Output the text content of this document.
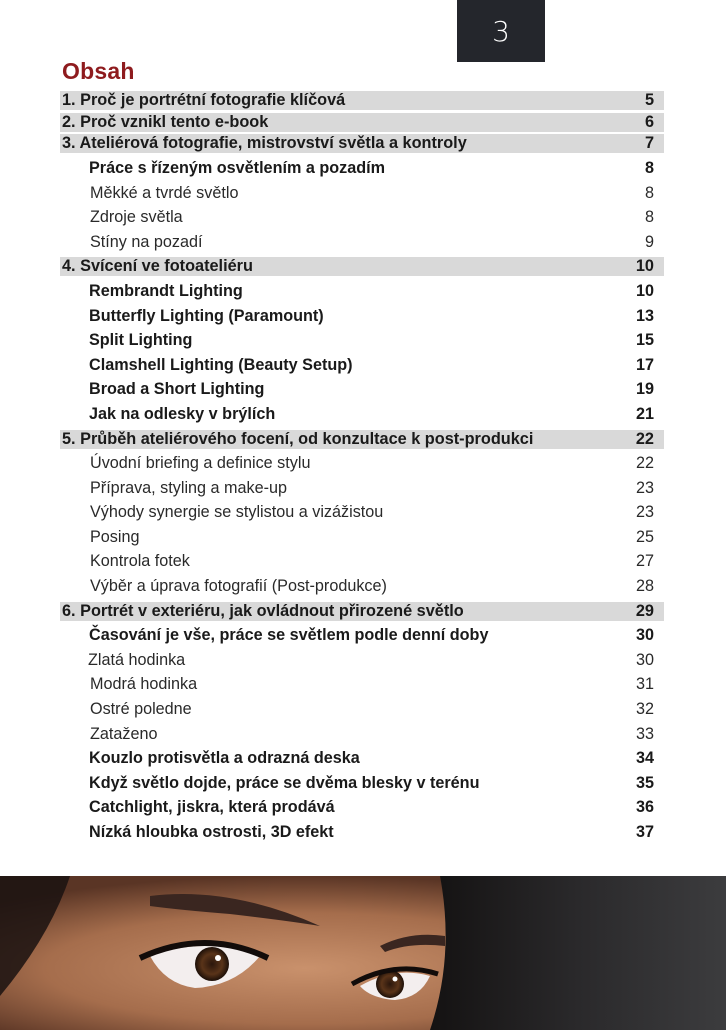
3
Obsah
1. Proč je portrétní fotografie klíčová	5
2. Proč vznikl tento e-book	6
3. Ateliérová fotografie, mistrovství světla a kontroly	7
Práce s řízeným osvětlením a pozadím	8
Měkké a tvrdé světlo	8
Zdroje světla	8
Stíny na pozadí	9
4. Svícení ve fotoateliéru	10
Rembrandt Lighting	10
Butterfly Lighting (Paramount)	13
Split Lighting	15
Clamshell Lighting (Beauty Setup)	17
Broad a Short Lighting	19
Jak na odlesky v brýlích	21
5. Průběh ateliérového focení, od konzultace k post-produkci	22
Úvodní briefing a definice stylu	22
Příprava, styling a make-up	23
Výhody synergie se stylistou a vizážistou	23
Posing	25
Kontrola fotek	27
Výběr a úprava fotografií (Post-produkce)	28
6. Portrét v exteriéru, jak ovládnout přirozené světlo	29
Časování je vše, práce se světlem podle denní doby	30
Zlatá hodinka	30
Modrá hodinka	31
Ostré poledne	32
Zataženo	33
Kouzlo protisvětla a odrazná deska	34
Když světlo dojde, práce se dvěma blesky v terénu	35
Catchlight, jiskra, která prodává	36
Nízká hloubka ostrosti, 3D efekt	37
